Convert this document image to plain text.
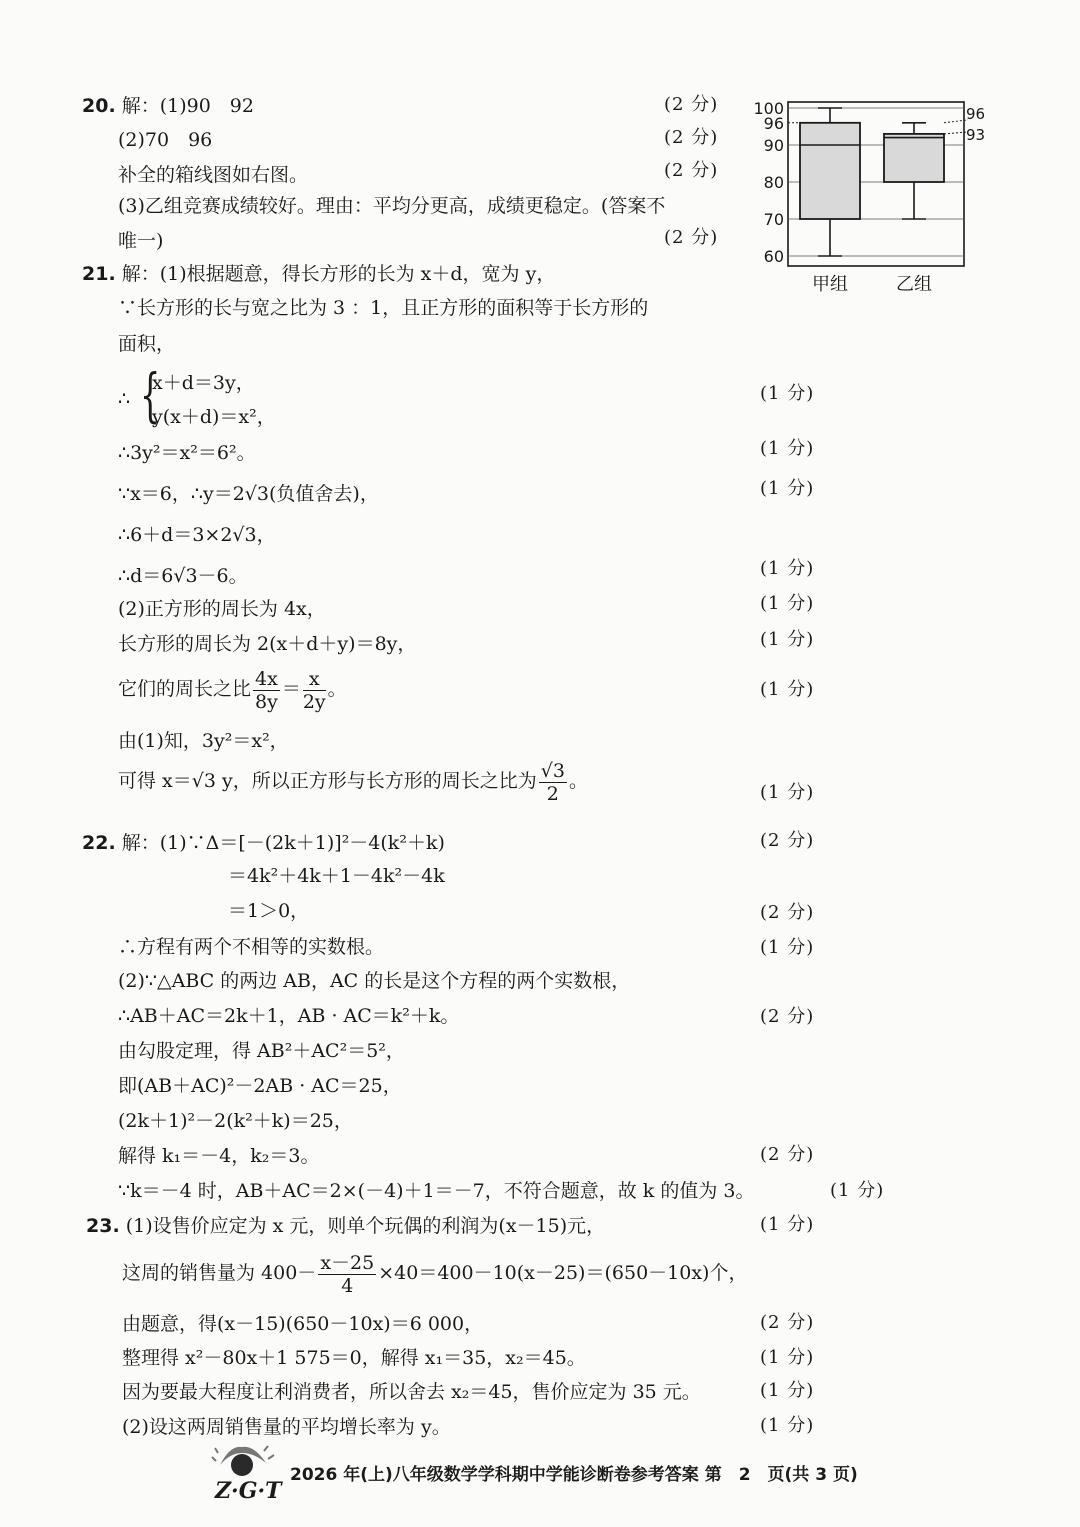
20. 解：(1)90　92	(2 分)
(2)70　96	(2 分)
补全的箱线图如右图。	(2 分)
(3)乙组竞赛成绩较好。理由：平均分更高，成绩更稳定。(答案不
唯一)	(2 分)
60
70
80
90
96
100
甲组	乙组
96
93
21. 解：(1)根据题意，得长方形的长为 x＋d，宽为 y，
∵长方形的长与宽之比为 3 ：1，且正方形的面积等于长方形的
面积，
∴ {
x＋d＝3y，
y(x＋d)＝x²，
(1 分)
∴3y²＝x²＝6²。	(1 分)
∵x＝6，∴y＝2√3(负值舍去)，	(1 分)
∴6＋d＝3×2√3，
∴d＝6√3－6。	(1 分)
(2)正方形的周长为 4x，	(1 分)
长方形的周长为 2(x＋d＋y)＝8y，	(1 分)
它们的周长之比 $\frac{4x}{8y} = \frac{x}{2y}$ 。	(1 分)
由(1)知，3y²＝x²，
可得 x＝√3 y，所以正方形与长方形的周长之比为 $\frac{√3}{2}$ 。
(1 分)
22. 解：(1)∵Δ＝[－(2k＋1)]²－4(k²＋k)	(2 分)
＝4k²＋4k＋1－4k²－4k
＝1＞0，	(2 分)
∴方程有两个不相等的实数根。	(1 分)
(2)∵△ABC 的两边 AB，AC 的长是这个方程的两个实数根，
∴AB＋AC＝2k＋1，AB · AC＝k²＋k。	(2 分)
由勾股定理，得 AB²＋AC²＝5²，
即(AB＋AC)²－2AB · AC＝25，
(2k＋1)²－2(k²＋k)＝25，
解得 k₁＝－4，k₂＝3。	(2 分)
∵k＝－4 时，AB＋AC＝2×(－4)＋1＝－7，不符合题意，故 k 的值为 3。	(1 分)
23. (1)设售价应定为 x 元，则单个玩偶的利润为(x－15)元，	(1 分)
这周的销售量为 $400- \frac{x-25}{4} \times 40=400-10(x-25)=(650-10x)$个，
由题意，得(x－15)(650－10x)＝6 000，	(2 分)
整理得 x²－80x＋1 575＝0，解得 x₁＝35，x₂＝45。	(1 分)
因为要最大程度让利消费者，所以舍去 x₂＝45，售价应定为 35 元。	(1 分)
(2)设这两周销售量的平均增长率为 y。	(1 分)
Z·G·T
2026 年(上)八年级数学学科期中学能诊断卷参考答案 第　2　页(共 3 页)
